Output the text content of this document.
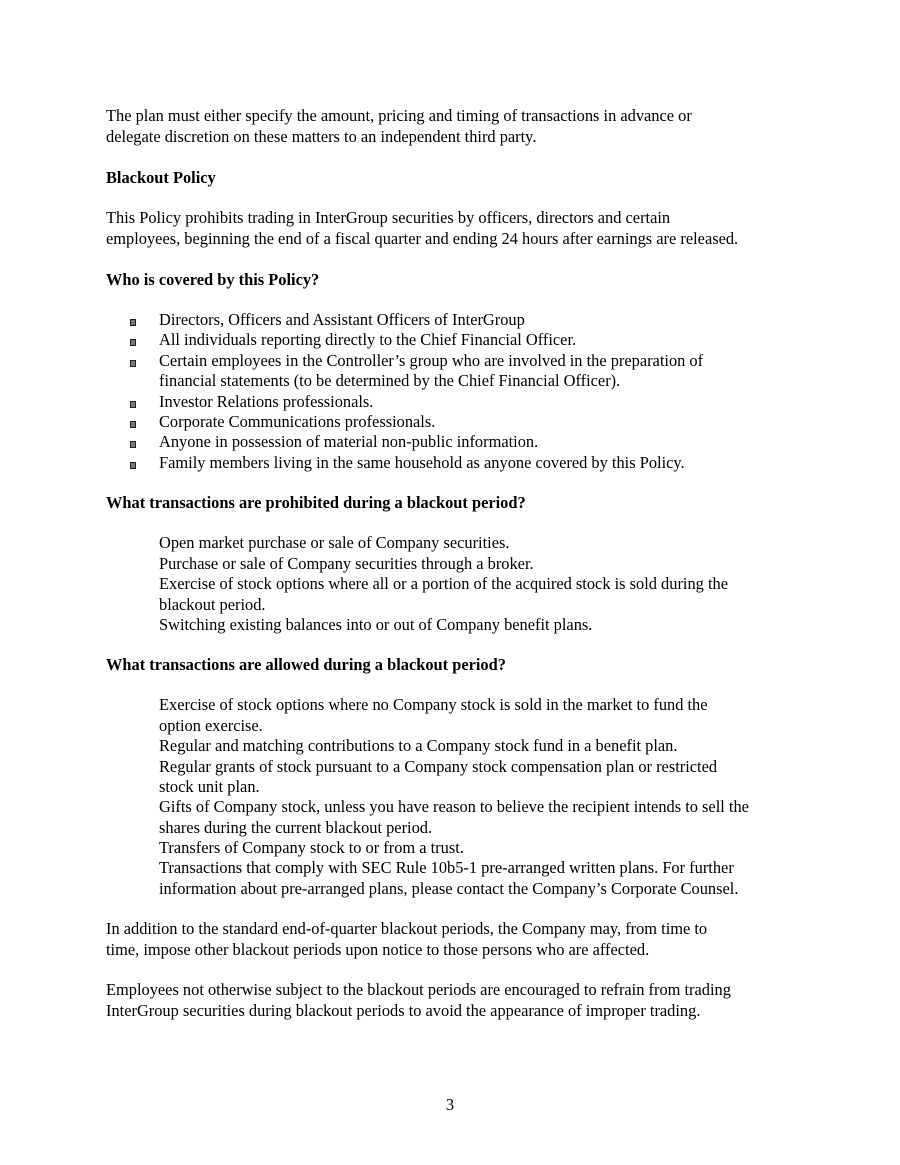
The plan must either specify the amount, pricing and timing of transactions in advance or
delegate discretion on these matters to an independent third party.
Blackout Policy
This Policy prohibits trading in InterGroup securities by officers, directors and certain
employees, beginning the end of a fiscal quarter and ending 24 hours after earnings are released.
Who is covered by this Policy?
Directors, Officers and Assistant Officers of InterGroup
All individuals reporting directly to the Chief Financial Officer.
Certain employees in the Controller’s group who are involved in the preparation of
financial statements (to be determined by the Chief Financial Officer).
Investor Relations professionals.
Corporate Communications professionals.
Anyone in possession of material non-public information.
Family members living in the same household as anyone covered by this Policy.
What transactions are prohibited during a blackout period?
Open market purchase or sale of Company securities.
Purchase or sale of Company securities through a broker.
Exercise of stock options where all or a portion of the acquired stock is sold during the
blackout period.
Switching existing balances into or out of Company benefit plans.
What transactions are allowed during a blackout period?
Exercise of stock options where no Company stock is sold in the market to fund the
option exercise.
Regular and matching contributions to a Company stock fund in a benefit plan.
Regular grants of stock pursuant to a Company stock compensation plan or restricted
stock unit plan.
Gifts of Company stock, unless you have reason to believe the recipient intends to sell the
shares during the current blackout period.
Transfers of Company stock to or from a trust.
Transactions that comply with SEC Rule 10b5-1 pre-arranged written plans. For further
information about pre-arranged plans, please contact the Company’s Corporate Counsel.
In addition to the standard end-of-quarter blackout periods, the Company may, from time to
time, impose other blackout periods upon notice to those persons who are affected.
Employees not otherwise subject to the blackout periods are encouraged to refrain from trading
InterGroup securities during blackout periods to avoid the appearance of improper trading.
3
